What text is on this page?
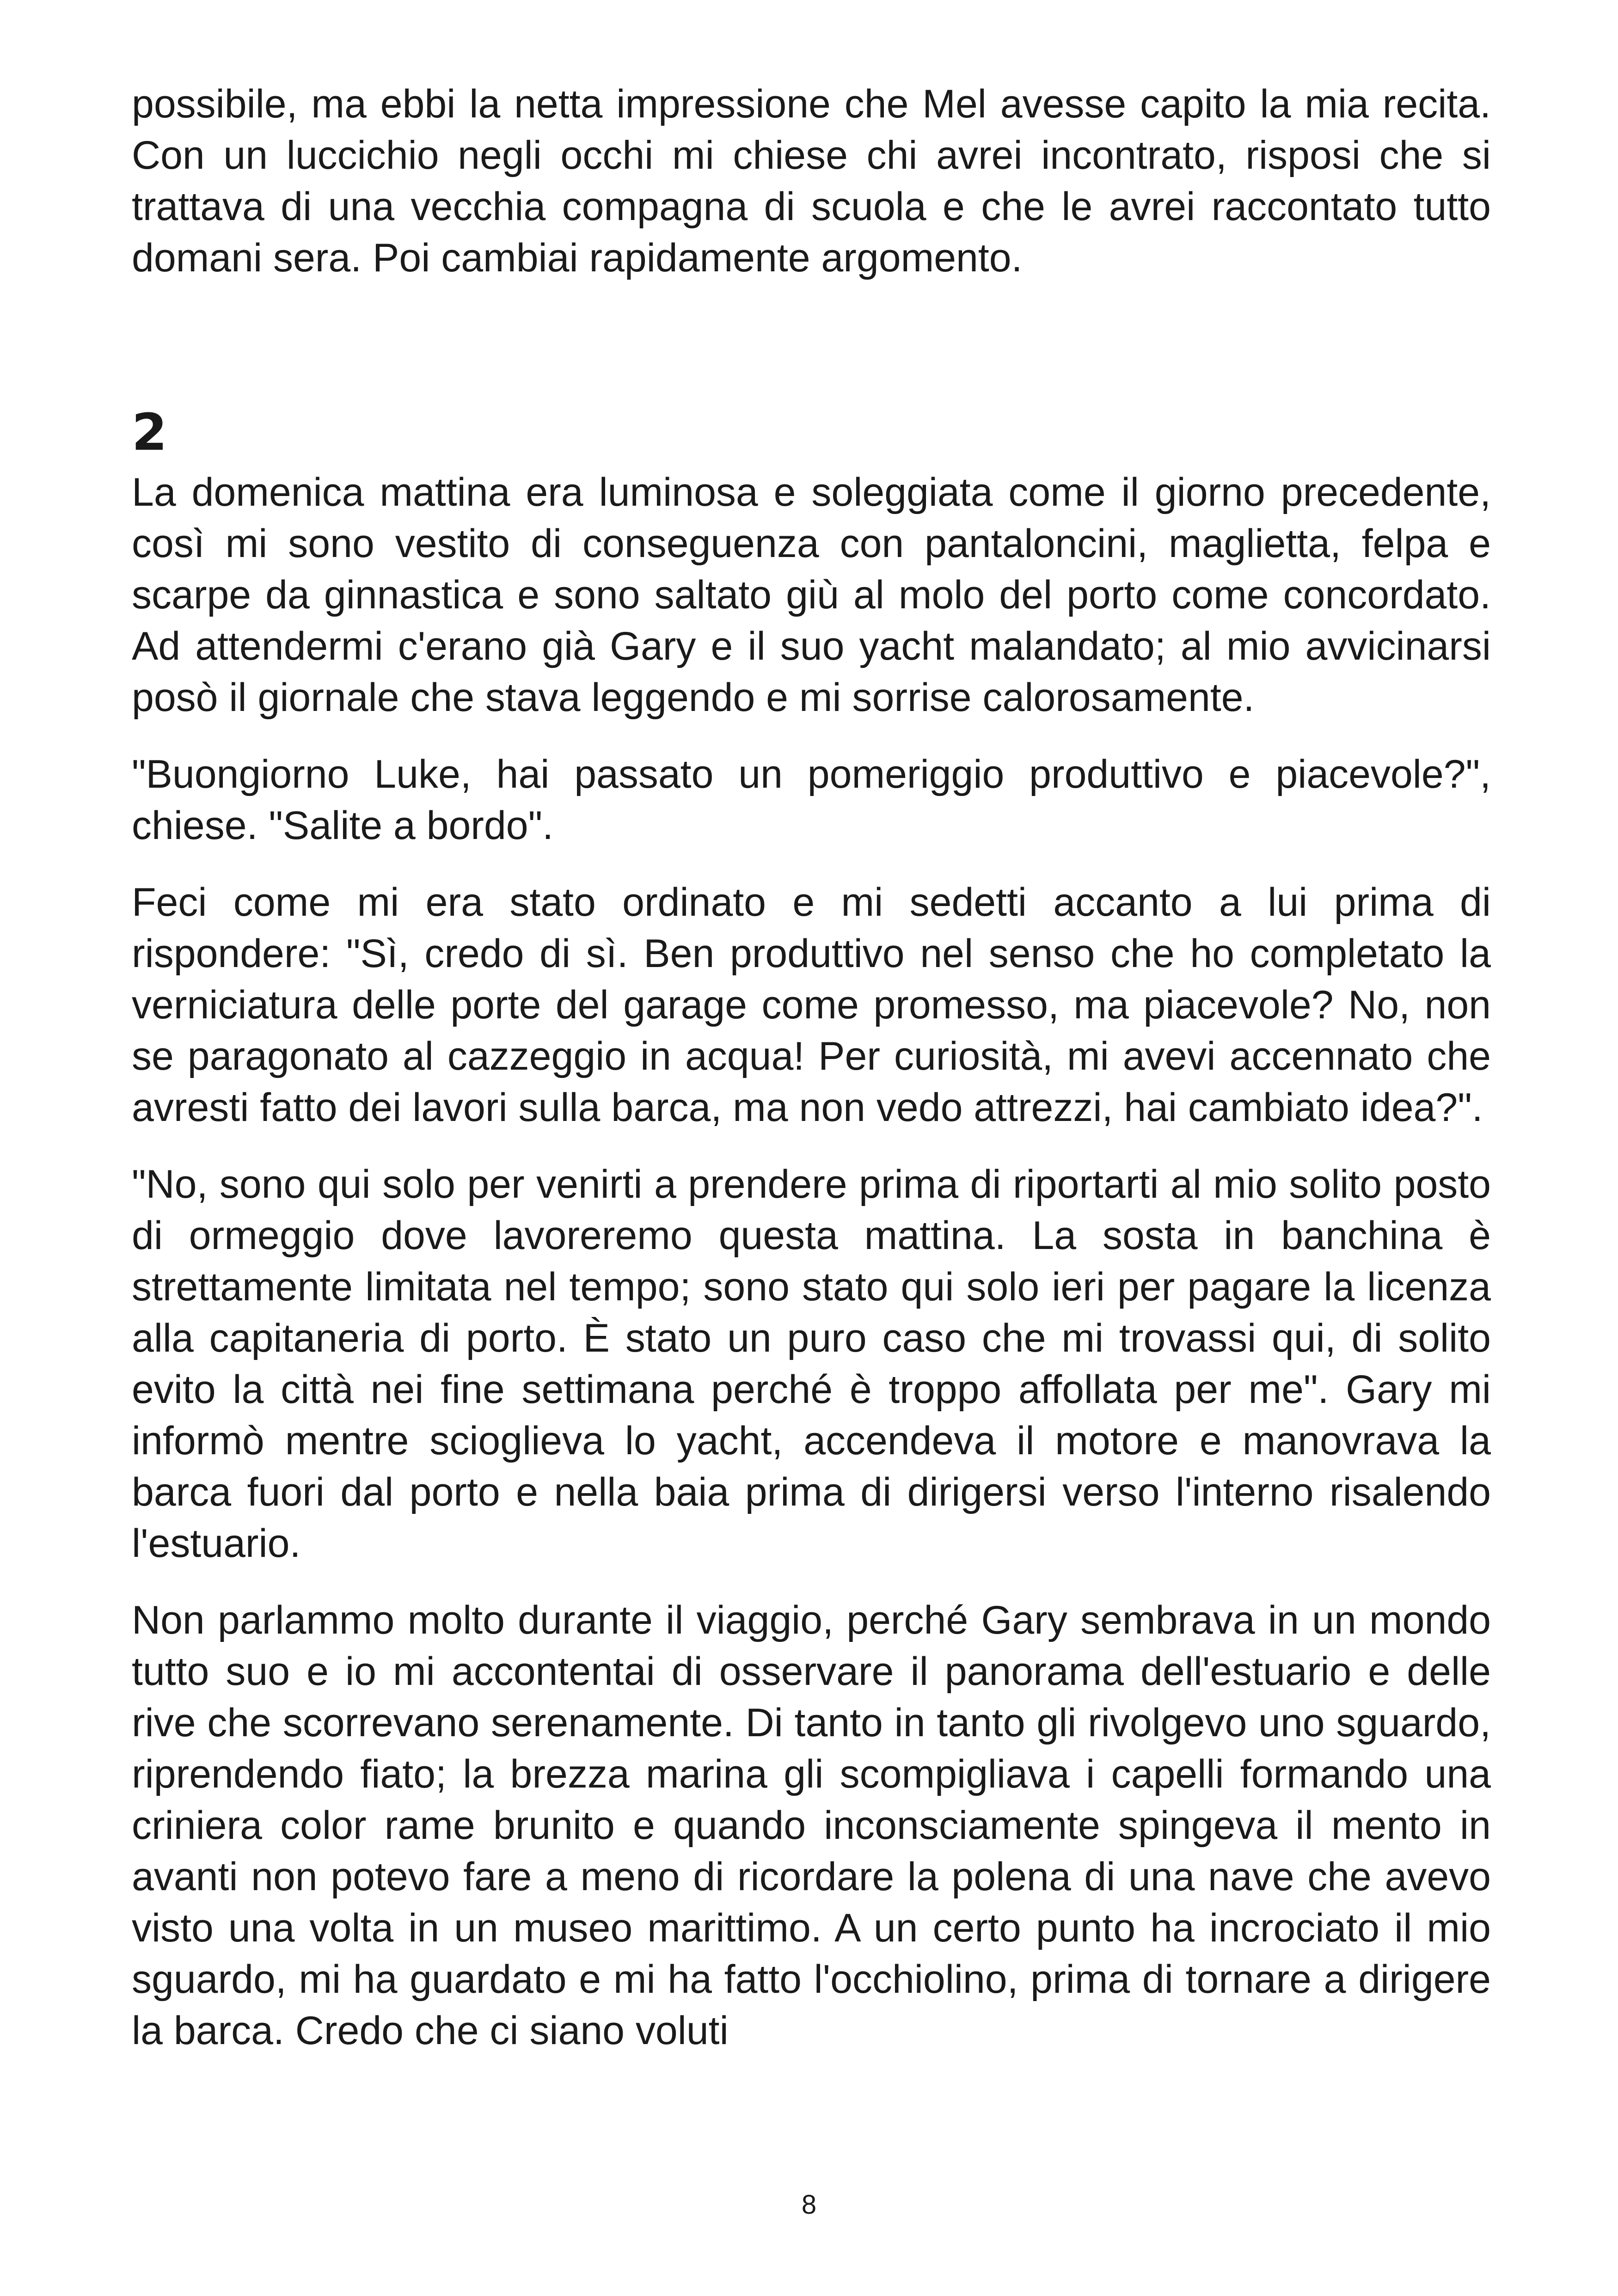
possibile, ma ebbi la netta impressione che Mel avesse capito la mia recita. Con un luccichio negli occhi mi chiese chi avrei incontrato, risposi che si trattava di una vecchia compagna di scuola e che le avrei raccontato tutto domani sera. Poi cambiai rapidamente argomento.

2

La domenica mattina era luminosa e soleggiata come il giorno precedente, così mi sono vestito di conseguenza con pantaloncini, maglietta, felpa e scarpe da ginnastica e sono saltato giù al molo del porto come concordato. Ad attendermi c'erano già Gary e il suo yacht malandato; al mio avvicinarsi posò il giornale che stava leggendo e mi sorrise calorosamente.

"Buongiorno Luke, hai passato un pomeriggio produttivo e piacevole?", chiese. "Salite a bordo".

Feci come mi era stato ordinato e mi sedetti accanto a lui prima di rispondere: "Sì, credo di sì. Ben produttivo nel senso che ho completato la verniciatura delle porte del garage come promesso, ma piacevole? No, non se paragonato al cazzeggio in acqua! Per curiosità, mi avevi accennato che avresti fatto dei lavori sulla barca, ma non vedo attrezzi, hai cambiato idea?".

"No, sono qui solo per venirti a prendere prima di riportarti al mio solito posto di ormeggio dove lavoreremo questa mattina. La sosta in banchina è strettamente limitata nel tempo; sono stato qui solo ieri per pagare la licenza alla capitaneria di porto. È stato un puro caso che mi trovassi qui, di solito evito la città nei fine settimana perché è troppo affollata per me". Gary mi informò mentre scioglieva lo yacht, accendeva il motore e manovrava la barca fuori dal porto e nella baia prima di dirigersi verso l'interno risalendo l'estuario.

Non parlammo molto durante il viaggio, perché Gary sembrava in un mondo tutto suo e io mi accontentai di osservare il panorama dell'estuario e delle rive che scorrevano serenamente. Di tanto in tanto gli rivolgevo uno sguardo, riprendendo fiato; la brezza marina gli scompigliava i capelli formando una criniera color rame brunito e quando inconsciamente spingeva il mento in avanti non potevo fare a meno di ricordare la polena di una nave che avevo visto una volta in un museo marittimo. A un certo punto ha incrociato il mio sguardo, mi ha guardato e mi ha fatto l'occhiolino, prima di tornare a dirigere la barca. Credo che ci siano voluti

8
